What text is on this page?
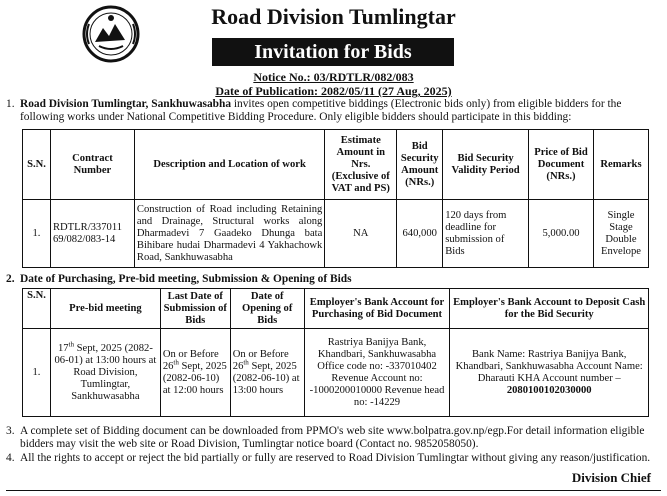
Road Division Tumlingtar
Invitation for Bids
Notice No.: 03/RDTLR/082/083
Date of Publication: 2082/05/11 (27 Aug, 2025)
1. Road Division Tumlingtar, Sankhuwasabha invites open competitive biddings (Electronic bids only) from eligible bidders for the following works under National Competitive Bidding Procedure. Only eligible bidders should participate in this bidding:
S.N.	Contract Number	Description and Location of work	Estimate Amount in Nrs. (Exclusive of VAT and PS)	Bid Security Amount (NRs.)	Bid Security Validity Period	Price of Bid Document (NRs.)	Remarks
1.	RDTLR/337011 69/082/083-14	Construction of Road including Retaining and Drainage, Structural works along Dharmadevi 7 Gaadeko Dhunga bata Bihibare hudai Dharmadevi 4 Yakhachowk Road, Sankhuwasabha	NA	640,000	120 days from deadline for submission of Bids	5,000.00	Single Stage Double Envelope
2. Date of Purchasing, Pre-bid meeting, Submission & Opening of Bids
S.N.	Pre-bid meeting	Last Date of Submission of Bids	Date of Opening of Bids	Employer's Bank Account for Purchasing of Bid Document	Employer's Bank Account to Deposit Cash for the Bid Security
1.	17th Sept, 2025 (2082-06-01) at 13:00 hours at Road Division, Tumlingtar, Sankhuwasabha	On or Before 26th Sept, 2025 (2082-06-10) at 12:00 hours	On or Before 26th Sept, 2025 (2082-06-10) at 13:00 hours	Rastriya Banijya Bank, Khandbari, Sankhuwasabha Office code no: -337010402 Revenue Account no: -1000200010000 Revenue head no: -14229	Bank Name: Rastriya Banijya Bank, Khandbari, Sankhuwasabha Account Name: Dharauti KHA Account number –2080100102030000
3. A complete set of Bidding document can be downloaded from PPMO's web site www.bolpatra.gov.np/egp.For detail information eligible bidders may visit the web site or Road Division, Tumlingtar notice board (Contact no. 9852058050).
4. All the rights to accept or reject the bid partially or fully are reserved to Road Division Tumlingtar without giving any reason/justification.
Division Chief
